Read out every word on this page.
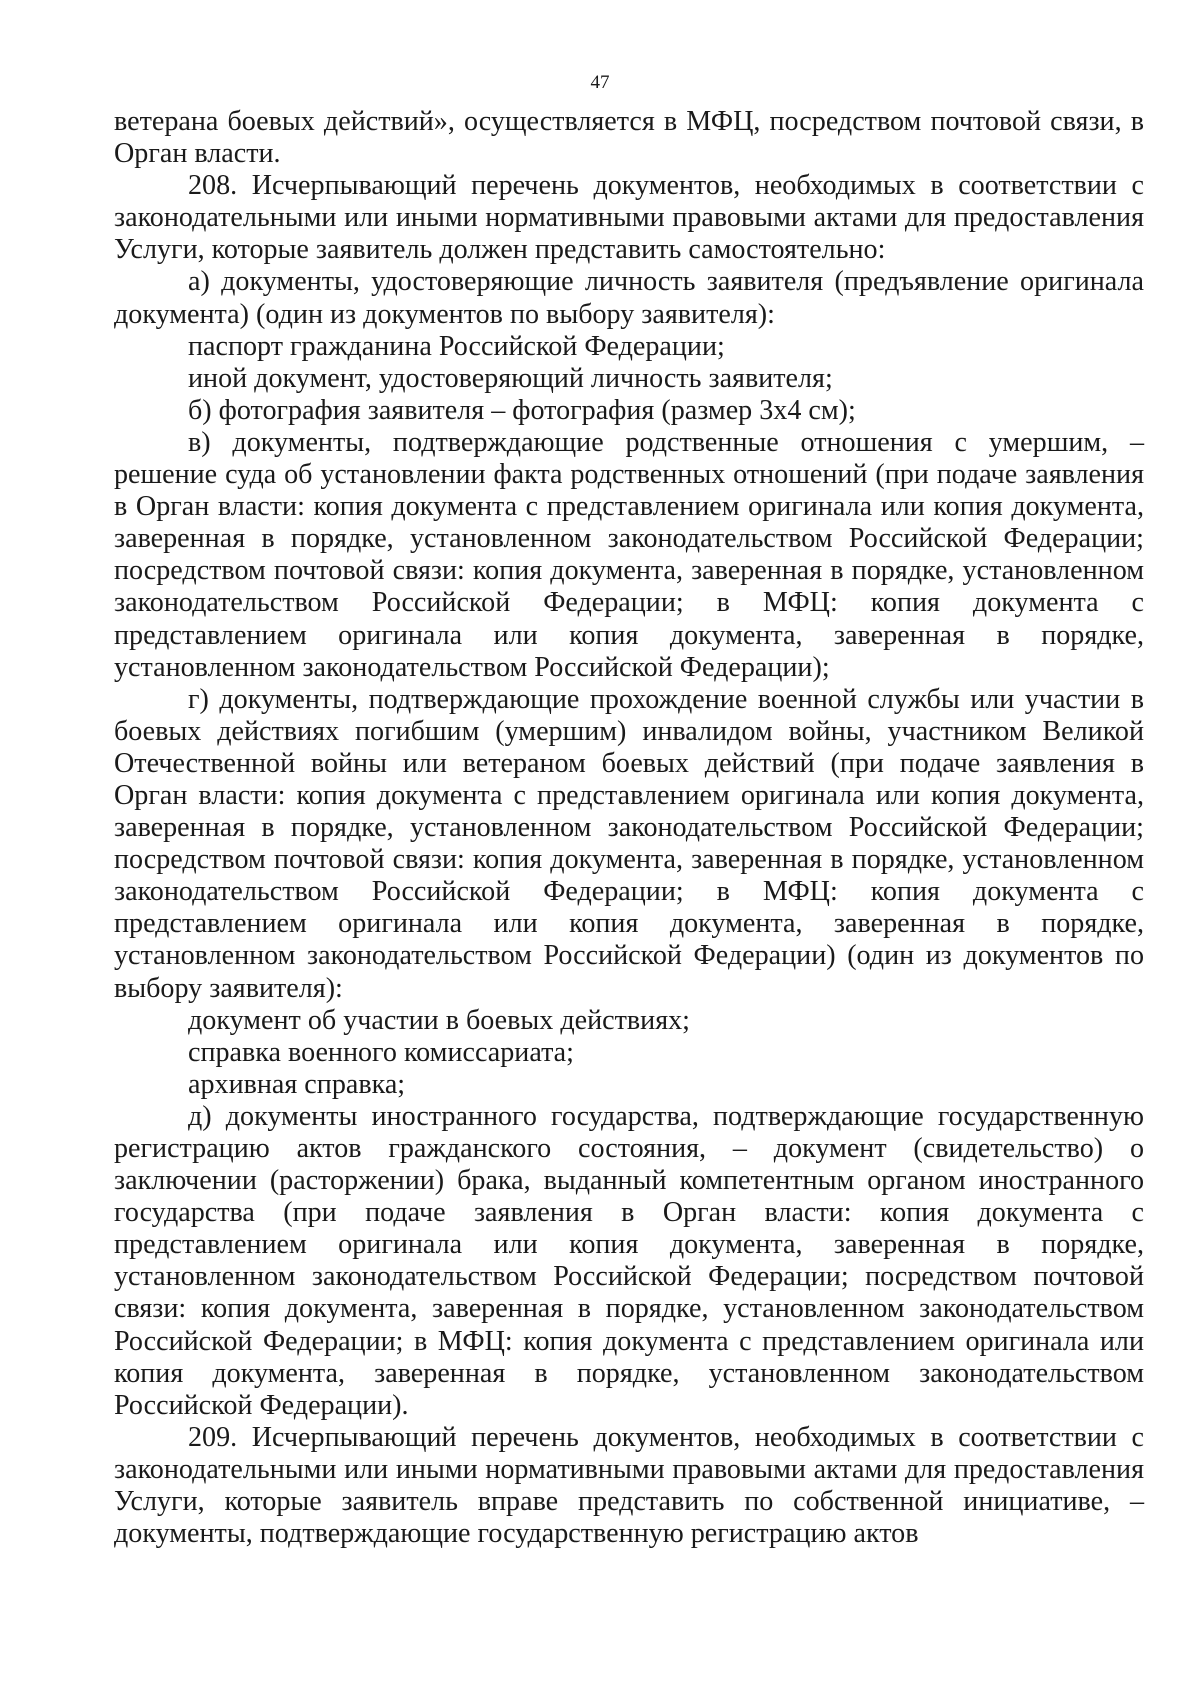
47

ветерана боевых действий», осуществляется в МФЦ, посредством почтовой связи, в Орган власти.

208. Исчерпывающий перечень документов, необходимых в соответствии с законодательными или иными нормативными правовыми актами для предоставления Услуги, которые заявитель должен представить самостоятельно:

а) документы, удостоверяющие личность заявителя (предъявление оригинала документа) (один из документов по выбору заявителя):

паспорт гражданина Российской Федерации;

иной документ, удостоверяющий личность заявителя;

б) фотография заявителя – фотография (размер 3х4 см);

в) документы, подтверждающие родственные отношения с умершим, – решение суда об установлении факта родственных отношений (при подаче заявления в Орган власти: копия документа с представлением оригинала или копия документа, заверенная в порядке, установленном законодательством Российской Федерации; посредством почтовой связи: копия документа, заверенная в порядке, установленном законодательством Российской Федерации; в МФЦ: копия документа с представлением оригинала или копия документа, заверенная в порядке, установленном законодательством Российской Федерации);

г) документы, подтверждающие прохождение военной службы или участии в боевых действиях погибшим (умершим) инвалидом войны, участником Великой Отечественной войны или ветераном боевых действий (при подаче заявления в Орган власти: копия документа с представлением оригинала или копия документа, заверенная в порядке, установленном законодательством Российской Федерации; посредством почтовой связи: копия документа, заверенная в порядке, установленном законодательством Российской Федерации; в МФЦ: копия документа с представлением оригинала или копия документа, заверенная в порядке, установленном законодательством Российской Федерации) (один из документов по выбору заявителя):

документ об участии в боевых действиях;

справка военного комиссариата;

архивная справка;

д) документы иностранного государства, подтверждающие государственную регистрацию актов гражданского состояния, – документ (свидетельство) о заключении (расторжении) брака, выданный компетентным органом иностранного государства (при подаче заявления в Орган власти: копия документа с представлением оригинала или копия документа, заверенная в порядке, установленном законодательством Российской Федерации; посредством почтовой связи: копия документа, заверенная в порядке, установленном законодательством Российской Федерации; в МФЦ: копия документа с представлением оригинала или копия документа, заверенная в порядке, установленном законодательством Российской Федерации).

209. Исчерпывающий перечень документов, необходимых в соответствии с законодательными или иными нормативными правовыми актами для предоставления Услуги, которые заявитель вправе представить по собственной инициативе, – документы, подтверждающие государственную регистрацию актов
